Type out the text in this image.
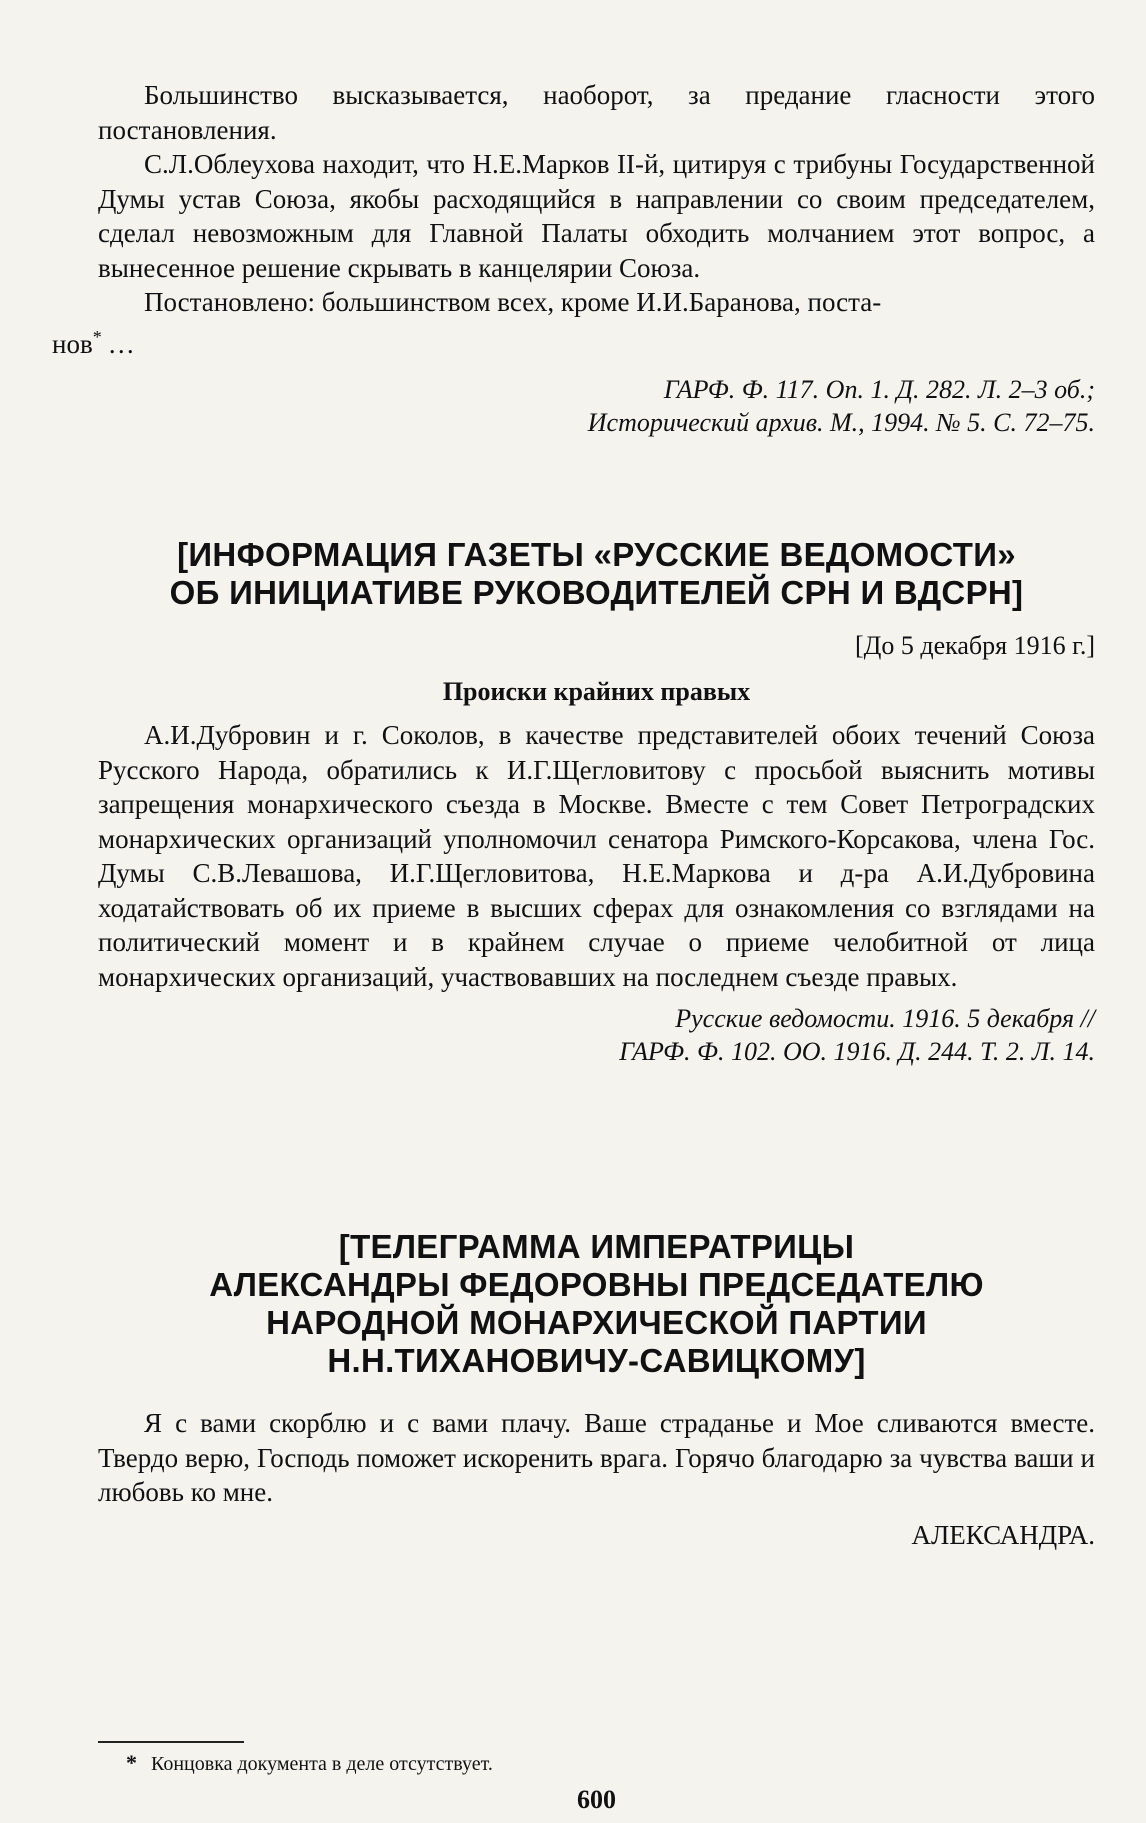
Большинство высказывается, наоборот, за предание гласности этого постановления.

С.Л.Облеухова находит, что Н.Е.Марков II-й, цитируя с трибуны Государственной Думы устав Союза, якобы расходящийся в направлении со своим председателем, сделал невозможным для Главной Палаты обходить молчанием этот вопрос, а вынесенное решение скрывать в канцелярии Союза.

Постановлено: большинством всех, кроме И.И.Баранова, поста-
нов* …

ГАРФ. Ф. 117. Оп. 1. Д. 282. Л. 2–3 об.;
Исторический архив. М., 1994. № 5. С. 72–75.
[ИНФОРМАЦИЯ ГАЗЕТЫ «РУССКИЕ ВЕДОМОСТИ»
ОБ ИНИЦИАТИВЕ РУКОВОДИТЕЛЕЙ СРН И ВДСРН]
[До 5 декабря 1916 г.]
Происки крайних правых

А.И.Дубровин и г. Соколов, в качестве представителей обоих течений Союза Русского Народа, обратились к И.Г.Щегловитову с просьбой выяснить мотивы запрещения монархического съезда в Москве. Вместе с тем Совет Петроградских монархических организаций уполномочил сенатора Римского-Корсакова, члена Гос. Думы С.В.Левашова, И.Г.Щегловитова, Н.Е.Маркова и д-ра А.И.Дубровина ходатайствовать об их приеме в высших сферах для ознакомления со взглядами на политический момент и в крайнем случае о приеме челобитной от лица монархических организаций, участвовавших на последнем съезде правых.

Русские ведомости. 1916. 5 декабря //
ГАРФ. Ф. 102. ОО. 1916. Д. 244. Т. 2. Л. 14.
[ТЕЛЕГРАММА ИМПЕРАТРИЦЫ
АЛЕКСАНДРЫ ФЕДОРОВНЫ ПРЕДСЕДАТЕЛЮ
НАРОДНОЙ МОНАРХИЧЕСКОЙ ПАРТИИ
Н.Н.ТИХАНОВИЧУ-САВИЦКОМУ]

Я с вами скорблю и с вами плачу. Ваше страданье и Мое сливаются вместе. Твердо верю, Господь поможет искоренить врага. Горячо благодарю за чувства ваши и любовь ко мне.

АЛЕКСАНДРА.
* Концовка документа в деле отсутствует.
600
